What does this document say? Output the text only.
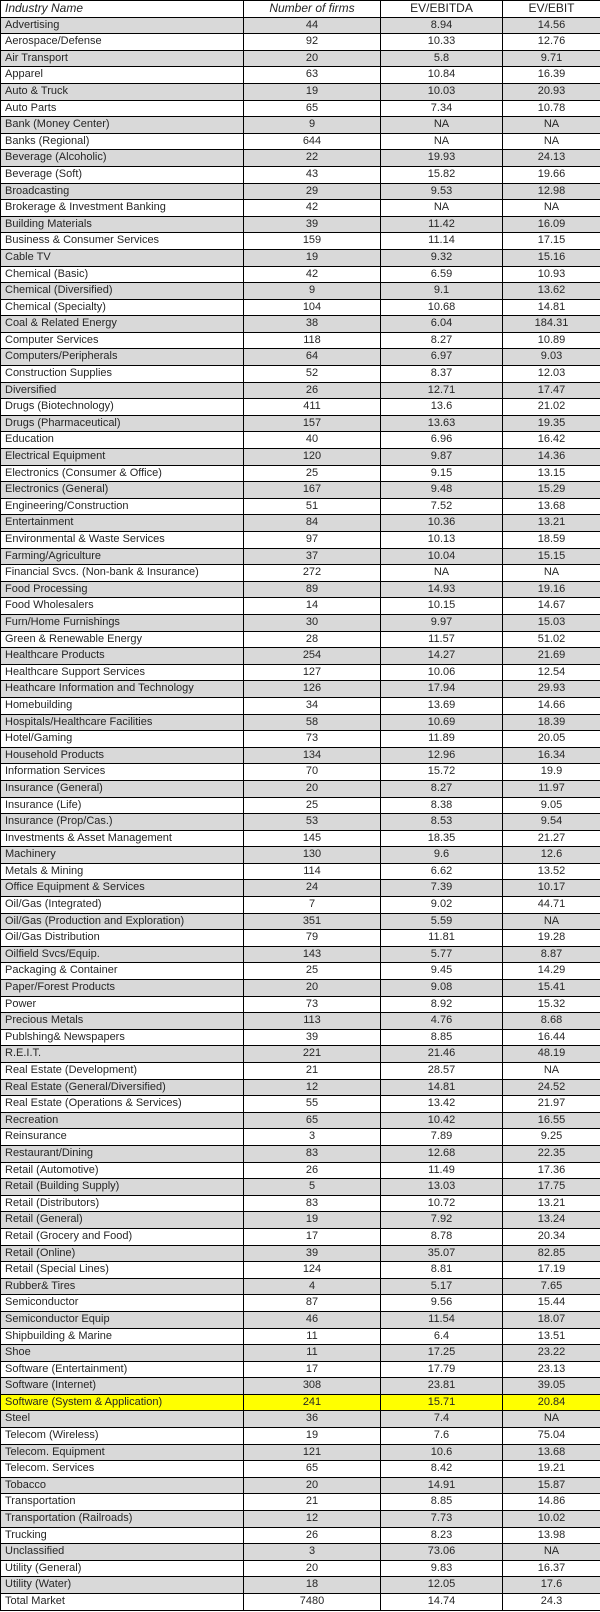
Industry Name	Number of firms	EV/EBITDA	EV/EBIT
Advertising	44	8.94	14.56
Aerospace/Defense	92	10.33	12.76
Air Transport	20	5.8	9.71
Apparel	63	10.84	16.39
Auto & Truck	19	10.03	20.93
Auto Parts	65	7.34	10.78
Bank (Money Center)	9	NA	NA
Banks (Regional)	644	NA	NA
Beverage (Alcoholic)	22	19.93	24.13
Beverage (Soft)	43	15.82	19.66
Broadcasting	29	9.53	12.98
Brokerage & Investment Banking	42	NA	NA
Building Materials	39	11.42	16.09
Business & Consumer Services	159	11.14	17.15
Cable TV	19	9.32	15.16
Chemical (Basic)	42	6.59	10.93
Chemical (Diversified)	9	9.1	13.62
Chemical (Specialty)	104	10.68	14.81
Coal & Related Energy	38	6.04	184.31
Computer Services	118	8.27	10.89
Computers/Peripherals	64	6.97	9.03
Construction Supplies	52	8.37	12.03
Diversified	26	12.71	17.47
Drugs (Biotechnology)	411	13.6	21.02
Drugs (Pharmaceutical)	157	13.63	19.35
Education	40	6.96	16.42
Electrical Equipment	120	9.87	14.36
Electronics (Consumer & Office)	25	9.15	13.15
Electronics (General)	167	9.48	15.29
Engineering/Construction	51	7.52	13.68
Entertainment	84	10.36	13.21
Environmental & Waste Services	97	10.13	18.59
Farming/Agriculture	37	10.04	15.15
Financial Svcs. (Non-bank & Insurance)	272	NA	NA
Food Processing	89	14.93	19.16
Food Wholesalers	14	10.15	14.67
Furn/Home Furnishings	30	9.97	15.03
Green & Renewable Energy	28	11.57	51.02
Healthcare Products	254	14.27	21.69
Healthcare Support Services	127	10.06	12.54
Heathcare Information and Technology	126	17.94	29.93
Homebuilding	34	13.69	14.66
Hospitals/Healthcare Facilities	58	10.69	18.39
Hotel/Gaming	73	11.89	20.05
Household Products	134	12.96	16.34
Information Services	70	15.72	19.9
Insurance (General)	20	8.27	11.97
Insurance (Life)	25	8.38	9.05
Insurance (Prop/Cas.)	53	8.53	9.54
Investments & Asset Management	145	18.35	21.27
Machinery	130	9.6	12.6
Metals & Mining	114	6.62	13.52
Office Equipment & Services	24	7.39	10.17
Oil/Gas (Integrated)	7	9.02	44.71
Oil/Gas (Production and Exploration)	351	5.59	NA
Oil/Gas Distribution	79	11.81	19.28
Oilfield Svcs/Equip.	143	5.77	8.87
Packaging & Container	25	9.45	14.29
Paper/Forest Products	20	9.08	15.41
Power	73	8.92	15.32
Precious Metals	113	4.76	8.68
Publshing& Newspapers	39	8.85	16.44
R.E.I.T.	221	21.46	48.19
Real Estate (Development)	21	28.57	NA
Real Estate (General/Diversified)	12	14.81	24.52
Real Estate (Operations & Services)	55	13.42	21.97
Recreation	65	10.42	16.55
Reinsurance	3	7.89	9.25
Restaurant/Dining	83	12.68	22.35
Retail (Automotive)	26	11.49	17.36
Retail (Building Supply)	5	13.03	17.75
Retail (Distributors)	83	10.72	13.21
Retail (General)	19	7.92	13.24
Retail (Grocery and Food)	17	8.78	20.34
Retail (Online)	39	35.07	82.85
Retail (Special Lines)	124	8.81	17.19
Rubber& Tires	4	5.17	7.65
Semiconductor	87	9.56	15.44
Semiconductor Equip	46	11.54	18.07
Shipbuilding & Marine	11	6.4	13.51
Shoe	11	17.25	23.22
Software (Entertainment)	17	17.79	23.13
Software (Internet)	308	23.81	39.05
Software (System & Application)	241	15.71	20.84
Steel	36	7.4	NA
Telecom (Wireless)	19	7.6	75.04
Telecom. Equipment	121	10.6	13.68
Telecom. Services	65	8.42	19.21
Tobacco	20	14.91	15.87
Transportation	21	8.85	14.86
Transportation (Railroads)	12	7.73	10.02
Trucking	26	8.23	13.98
Unclassified	3	73.06	NA
Utility (General)	20	9.83	16.37
Utility (Water)	18	12.05	17.6
Total Market	7480	14.74	24.3
